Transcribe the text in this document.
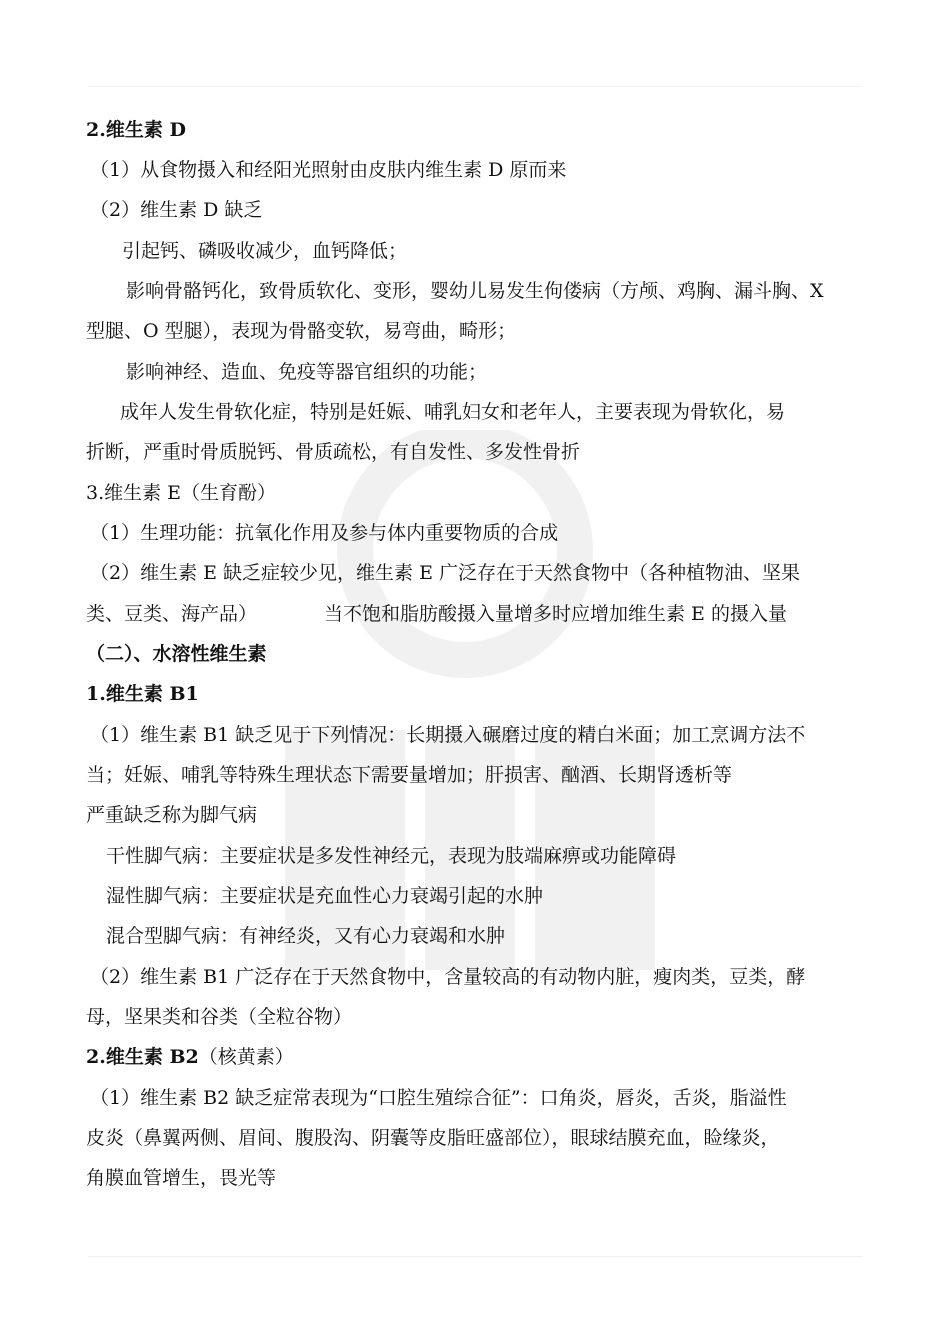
2.维生素 D
（1）从食物摄入和经阳光照射由皮肤内维生素 D 原而来
（2）维生素 D 缺乏
引起钙、磷吸收减少，血钙降低；
影响骨骼钙化，致骨质软化、变形，婴幼儿易发生佝偻病（方颅、鸡胸、漏斗胸、X
型腿、O 型腿），表现为骨骼变软，易弯曲，畸形；
影响神经、造血、免疫等器官组织的功能；
成年人发生骨软化症，特别是妊娠、哺乳妇女和老年人，主要表现为骨软化，易
折断，严重时骨质脱钙、骨质疏松，有自发性、多发性骨折
3.维生素 E（生育酚）
（1）生理功能：抗氧化作用及参与体内重要物质的合成
（2）维生素 E 缺乏症较少见，维生素 E 广泛存在于天然食物中（各种植物油、坚果
类、豆类、海产品）	当不饱和脂肪酸摄入量增多时应增加维生素 E 的摄入量
（二）、水溶性维生素
1.维生素 B1
（1）维生素 B1 缺乏见于下列情况：长期摄入碾磨过度的精白米面；加工烹调方法不
当；妊娠、哺乳等特殊生理状态下需要量增加；肝损害、酗酒、长期肾透析等
严重缺乏称为脚气病
干性脚气病：主要症状是多发性神经元，表现为肢端麻痹或功能障碍
湿性脚气病：主要症状是充血性心力衰竭引起的水肿
混合型脚气病：有神经炎，又有心力衰竭和水肿
（2）维生素 B1 广泛存在于天然食物中，含量较高的有动物内脏，瘦肉类，豆类，酵
母，坚果类和谷类（全粒谷物）
2.维生素 B2（核黄素）
（1）维生素 B2 缺乏症常表现为“口腔生殖综合征”：口角炎，唇炎，舌炎，脂溢性
皮炎（鼻翼两侧、眉间、腹股沟、阴囊等皮脂旺盛部位），眼球结膜充血，睑缘炎，
角膜血管增生，畏光等
